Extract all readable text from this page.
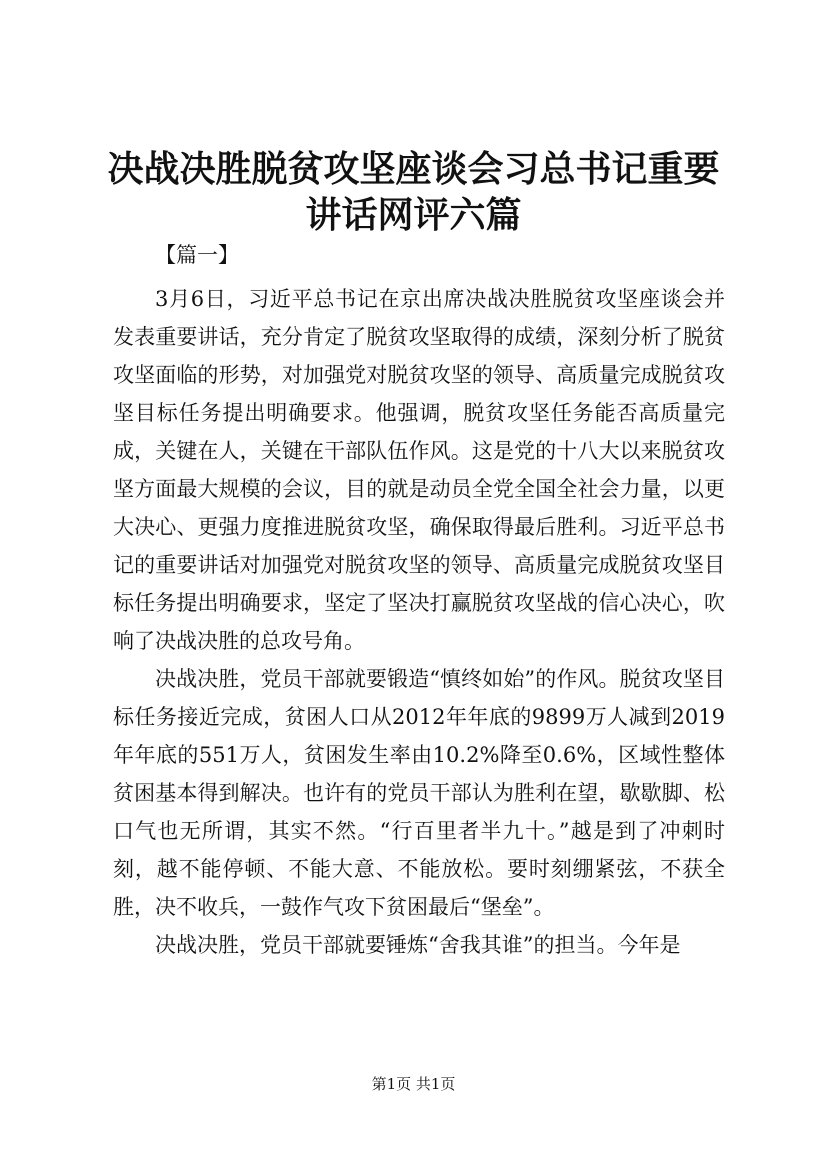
决战决胜脱贫攻坚座谈会习总书记重要讲话网评六篇

【篇一】

3月6日，习近平总书记在京出席决战决胜脱贫攻坚座谈会并发表重要讲话，充分肯定了脱贫攻坚取得的成绩，深刻分析了脱贫攻坚面临的形势，对加强党对脱贫攻坚的领导、高质量完成脱贫攻坚目标任务提出明确要求。他强调，脱贫攻坚任务能否高质量完成，关键在人，关键在干部队伍作风。这是党的十八大以来脱贫攻坚方面最大规模的会议，目的就是动员全党全国全社会力量，以更大决心、更强力度推进脱贫攻坚，确保取得最后胜利。习近平总书记的重要讲话对加强党对脱贫攻坚的领导、高质量完成脱贫攻坚目标任务提出明确要求，坚定了坚决打赢脱贫攻坚战的信心决心，吹响了决战决胜的总攻号角。

决战决胜，党员干部就要锻造“慎终如始”的作风。脱贫攻坚目标任务接近完成，贫困人口从2012年年底的9899万人减到2019年年底的551万人，贫困发生率由10.2%降至0.6%，区域性整体贫困基本得到解决。也许有的党员干部认为胜利在望，歇歇脚、松口气也无所谓，其实不然。“行百里者半九十。”越是到了冲刺时刻，越不能停顿、不能大意、不能放松。要时刻绷紧弦，不获全胜，决不收兵，一鼓作气攻下贫困最后“堡垒”。

决战决胜，党员干部就要锤炼“舍我其谁”的担当。今年是

第1页 共1页
